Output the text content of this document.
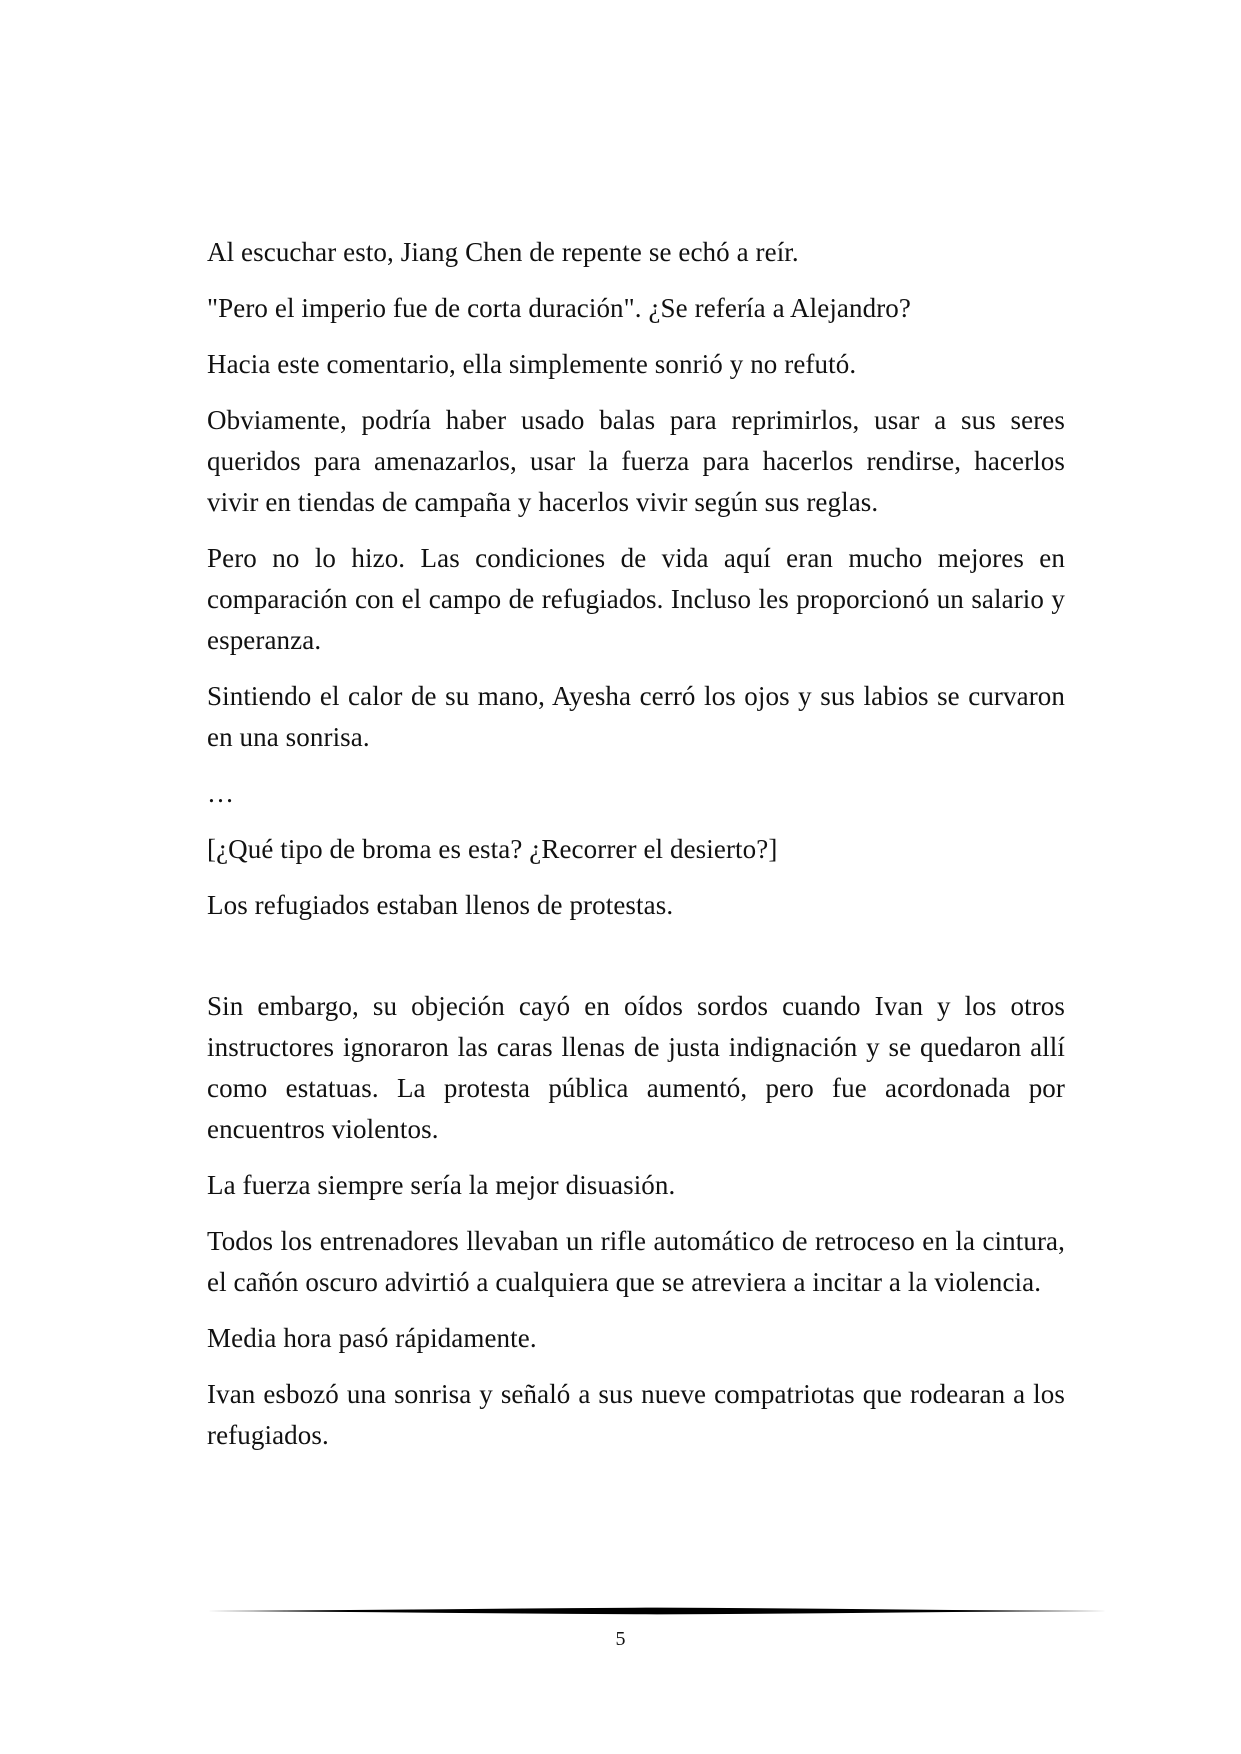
Al escuchar esto, Jiang Chen de repente se echó a reír.

"Pero el imperio fue de corta duración". ¿Se refería a Alejandro?

Hacia este comentario, ella simplemente sonrió y no refutó.

Obviamente, podría haber usado balas para reprimirlos, usar a sus seres queridos para amenazarlos, usar la fuerza para hacerlos rendirse, hacerlos vivir en tiendas de campaña y hacerlos vivir según sus reglas.

Pero no lo hizo. Las condiciones de vida aquí eran mucho mejores en comparación con el campo de refugiados. Incluso les proporcionó un salario y esperanza.

Sintiendo el calor de su mano, Ayesha cerró los ojos y sus labios se curvaron en una sonrisa.

…

[¿Qué tipo de broma es esta? ¿Recorrer el desierto?]

Los refugiados estaban llenos de protestas.

Sin embargo, su objeción cayó en oídos sordos cuando Ivan y los otros instructores ignoraron las caras llenas de justa indignación y se quedaron allí como estatuas. La protesta pública aumentó, pero fue acordonada por encuentros violentos.

La fuerza siempre sería la mejor disuasión.

Todos los entrenadores llevaban un rifle automático de retroceso en la cintura, el cañón oscuro advirtió a cualquiera que se atreviera a incitar a la violencia.

Media hora pasó rápidamente.

Ivan esbozó una sonrisa y señaló a sus nueve compatriotas que rodearan a los refugiados.

5
